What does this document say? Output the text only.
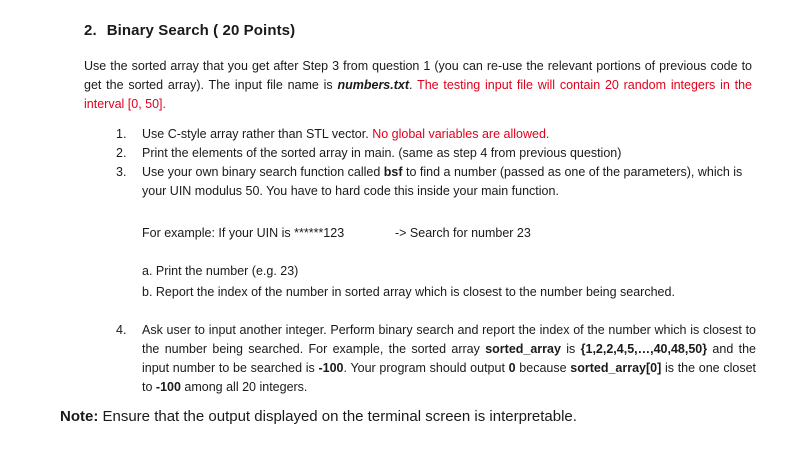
2. Binary Search ( 20 Points)
Use the sorted array that you get after Step 3 from question 1 (you can re-use the relevant portions of previous code to get the sorted array). The input file name is numbers.txt. The testing input file will contain 20 random integers in the interval [0, 50].
1.	Use C-style array rather than STL vector. No global variables are allowed.
2.	Print the elements of the sorted array in main. (same as step 4 from previous question)
3.	Use your own binary search function called bsf to find a number (passed as one of the parameters), which is your UIN modulus 50. You have to hard code this inside your main function.
For example: If your UIN is ******123	-> Search for number 23
a. Print the number (e.g. 23)
b. Report the index of the number in sorted array which is closest to the number being searched.
4.	Ask user to input another integer. Perform binary search and report the index of the number which is closest to the number being searched. For example, the sorted array sorted_array is {1,2,2,4,5,…,40,48,50} and the input number to be searched is -100. Your program should output 0 because sorted_array[0] is the one closet to -100 among all 20 integers.
Note: Ensure that the output displayed on the terminal screen is interpretable.
